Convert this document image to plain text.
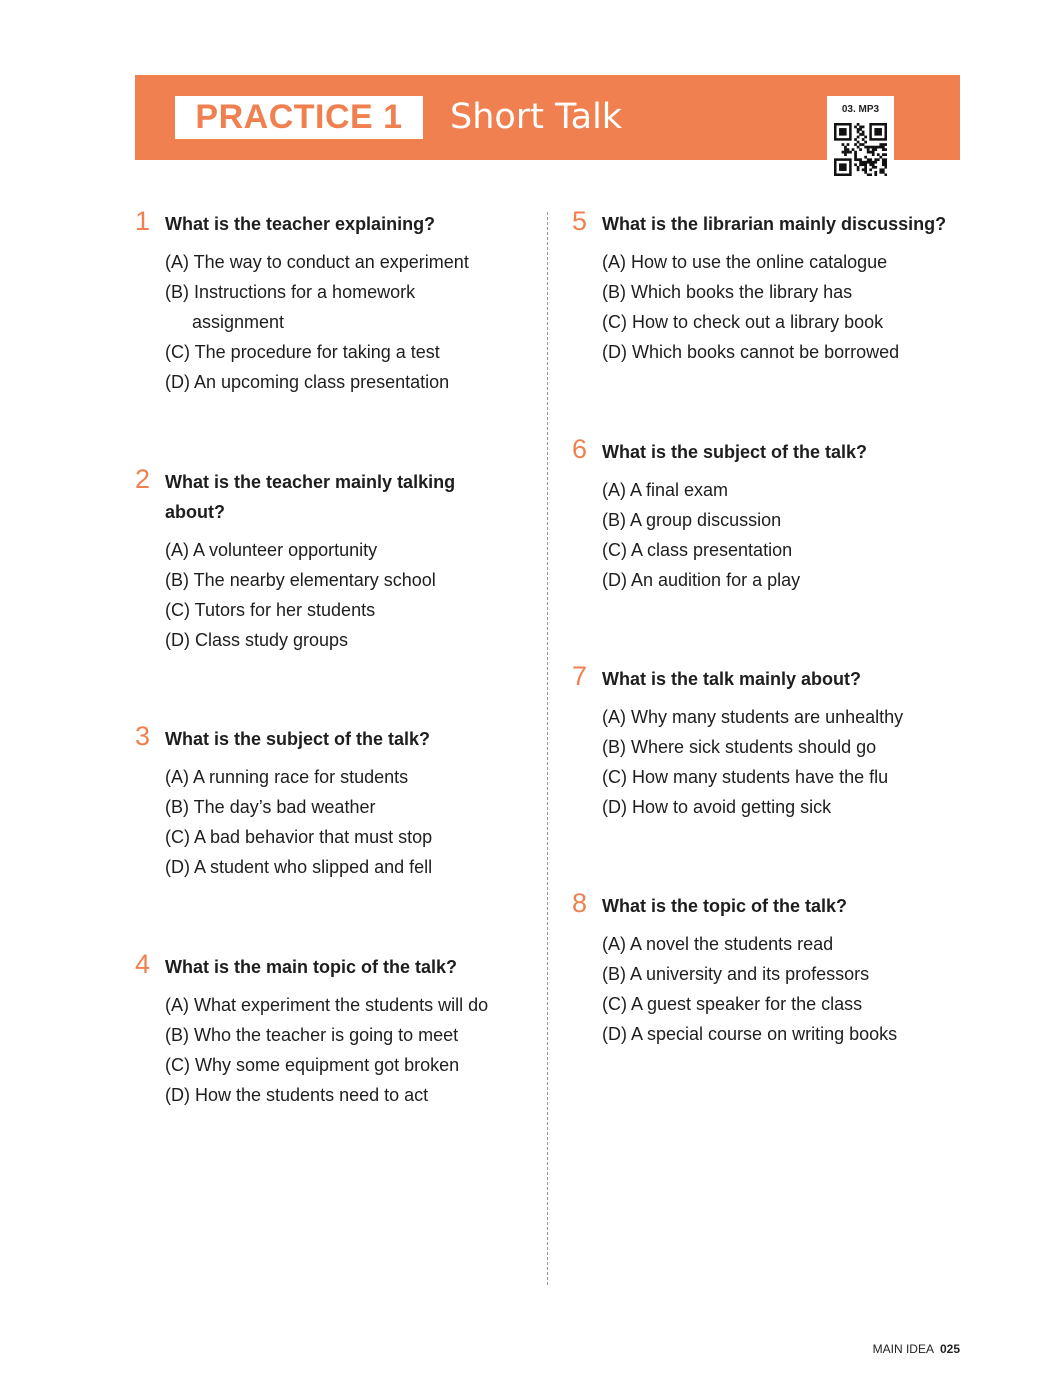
PRACTICE 1 Short Talk	03. MP3
1 What is the teacher explaining?
(A) The way to conduct an experiment
(B) Instructions for a homework assignment
(C) The procedure for taking a test
(D) An upcoming class presentation
2 What is the teacher mainly talking about?
(A) A volunteer opportunity
(B) The nearby elementary school
(C) Tutors for her students
(D) Class study groups
3 What is the subject of the talk?
(A) A running race for students
(B) The day’s bad weather
(C) A bad behavior that must stop
(D) A student who slipped and fell
4 What is the main topic of the talk?
(A) What experiment the students will do
(B) Who the teacher is going to meet
(C) Why some equipment got broken
(D) How the students need to act
5 What is the librarian mainly discussing?
(A) How to use the online catalogue
(B) Which books the library has
(C) How to check out a library book
(D) Which books cannot be borrowed
6 What is the subject of the talk?
(A) A final exam
(B) A group discussion
(C) A class presentation
(D) An audition for a play
7 What is the talk mainly about?
(A) Why many students are unhealthy
(B) Where sick students should go
(C) How many students have the flu
(D) How to avoid getting sick
8 What is the topic of the talk?
(A) A novel the students read
(B) A university and its professors
(C) A guest speaker for the class
(D) A special course on writing books
MAIN IDEA 025
